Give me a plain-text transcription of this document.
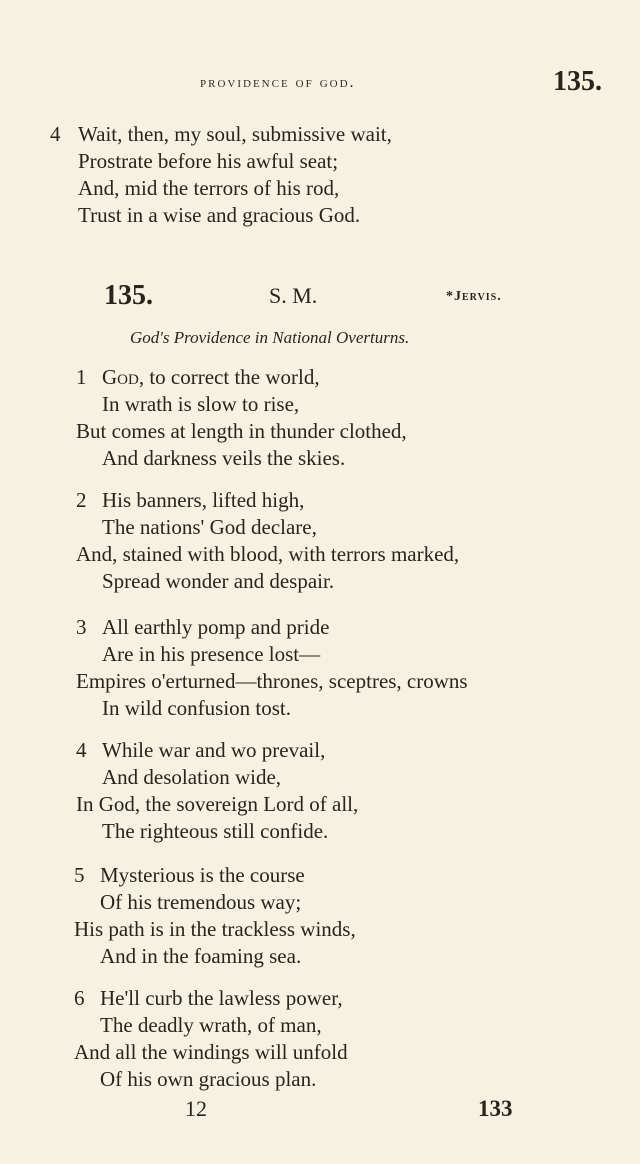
providence of god.	135.
4 Wait, then, my soul, submissive wait,
Prostrate before his awful seat;
And, mid the terrors of his rod,
Trust in a wise and gracious God.
135.	S. M.	*Jervis.
God's Providence in National Overturns.
1 God, to correct the world,
In wrath is slow to rise,
But comes at length in thunder clothed,
And darkness veils the skies.
2 His banners, lifted high,
The nations' God declare,
And, stained with blood, with terrors marked,
Spread wonder and despair.
3 All earthly pomp and pride
Are in his presence lost—
Empires o'erturned—thrones, sceptres, crowns
In wild confusion tost.
4 While war and wo prevail,
And desolation wide,
In God, the sovereign Lord of all,
The righteous still confide.
5 Mysterious is the course
Of his tremendous way;
His path is in the trackless winds,
And in the foaming sea.
6 He'll curb the lawless power,
The deadly wrath, of man,
And all the windings will unfold
Of his own gracious plan.
12	133
